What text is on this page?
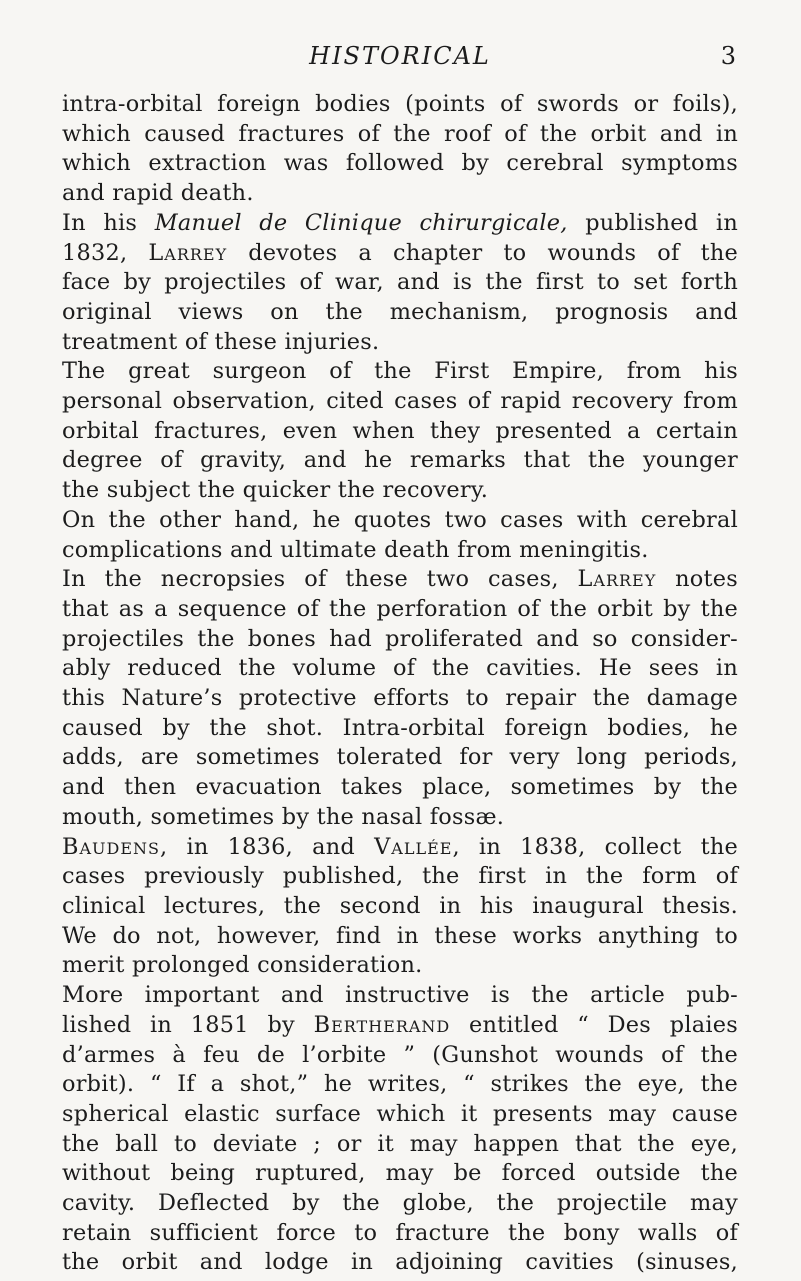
HISTORICAL	3
intra-orbital foreign bodies (points of swords or foils),
which caused fractures of the roof of the orbit and in
which extraction was followed by cerebral symptoms
and rapid death.
In his Manuel de Clinique chirurgicale, published in
1832, Larrey devotes a chapter to wounds of the
face by projectiles of war, and is the first to set forth
original views on the mechanism, prognosis and
treatment of these injuries.
The great surgeon of the First Empire, from his
personal observation, cited cases of rapid recovery from
orbital fractures, even when they presented a certain
degree of gravity, and he remarks that the younger
the subject the quicker the recovery.
On the other hand, he quotes two cases with cerebral
complications and ultimate death from meningitis.
In the necropsies of these two cases, Larrey notes
that as a sequence of the perforation of the orbit by the
projectiles the bones had proliferated and so consider-
ably reduced the volume of the cavities. He sees in
this Nature’s protective efforts to repair the damage
caused by the shot. Intra-orbital foreign bodies, he
adds, are sometimes tolerated for very long periods,
and then evacuation takes place, sometimes by the
mouth, sometimes by the nasal fossæ.
Baudens, in 1836, and Vallée, in 1838, collect the
cases previously published, the first in the form of
clinical lectures, the second in his inaugural thesis.
We do not, however, find in these works anything to
merit prolonged consideration.
More important and instructive is the article pub-
lished in 1851 by Bertherand entitled “ Des plaies
d’armes à feu de l’orbite ” (Gunshot wounds of the
orbit). “ If a shot,” he writes, “ strikes the eye, the
spherical elastic surface which it presents may cause
the ball to deviate ; or it may happen that the eye,
without being ruptured, may be forced outside the
cavity. Deflected by the globe, the projectile may
retain sufficient force to fracture the bony walls of
the orbit and lodge in adjoining cavities (sinuses,
